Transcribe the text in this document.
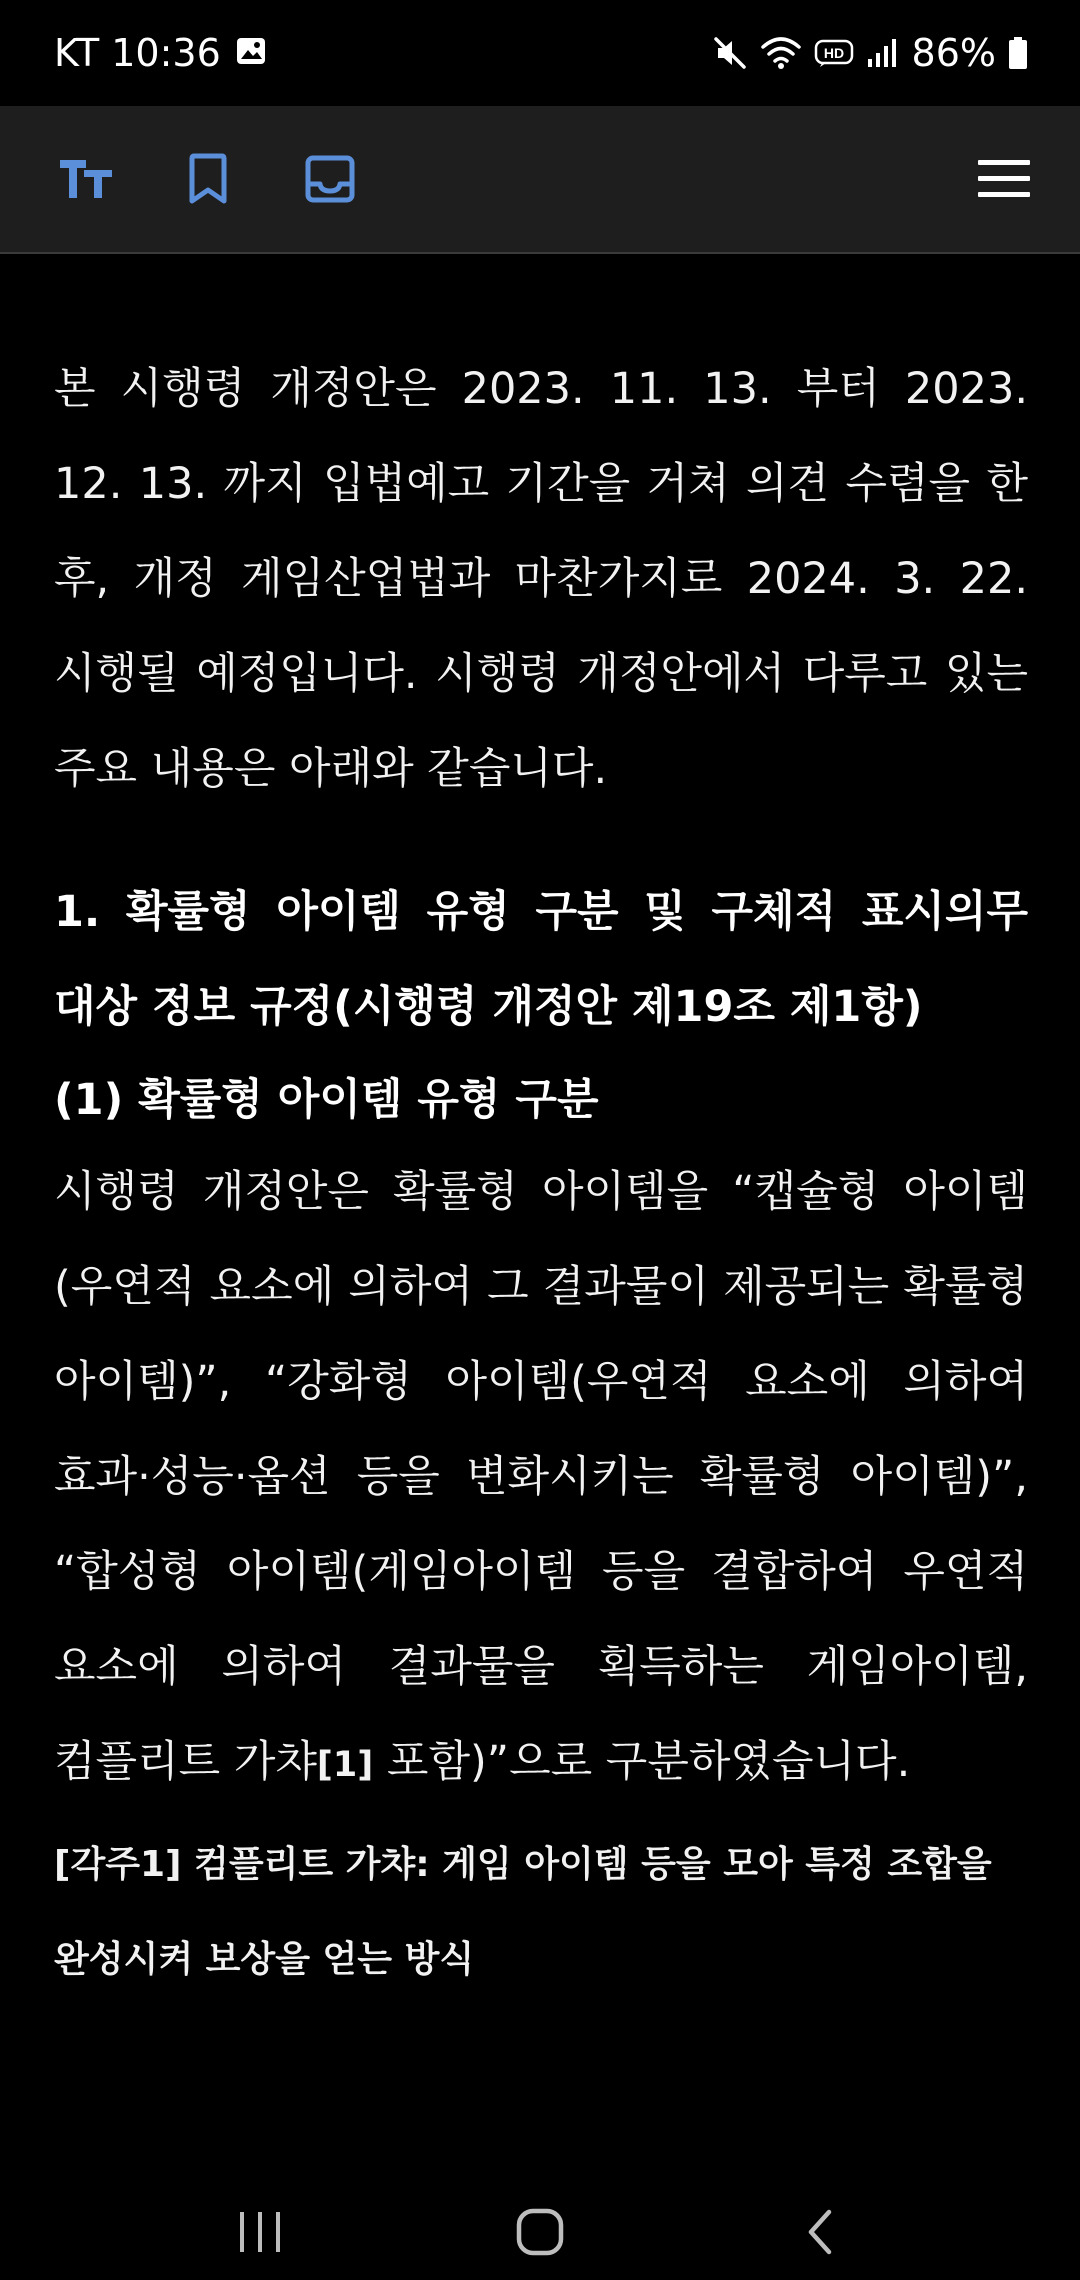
KT 10:36	HD 86%

본 시행령 개정안은 2023. 11. 13. 부터 2023. 12. 13. 까지 입법예고 기간을 거쳐 의견 수렴을 한 후, 개정 게임산업법과 마찬가지로 2024. 3. 22. 시행될 예정입니다. 시행령 개정안에서 다루고 있는 주요 내용은 아래와 같습니다.

1. 확률형 아이템 유형 구분 및 구체적 표시의무 대상 정보 규정(시행령 개정안 제19조 제1항)

(1) 확률형 아이템 유형 구분

시행령 개정안은 확률형 아이템을 “캡슐형 아이템(우연적 요소에 의하여 그 결과물이 제공되는 확률형 아이템)”, “강화형 아이템(우연적 요소에 의하여 효과·성능·옵션 등을 변화시키는 확률형 아이템)”, “합성형 아이템(게임아이템 등을 결합하여 우연적 요소에 의하여 결과물을 획득하는 게임아이템, 컴플리트 가챠[1] 포함)”으로 구분하였습니다.

[각주1] 컴플리트 가챠: 게임 아이템 등을 모아 특정 조합을 완성시켜 보상을 얻는 방식
